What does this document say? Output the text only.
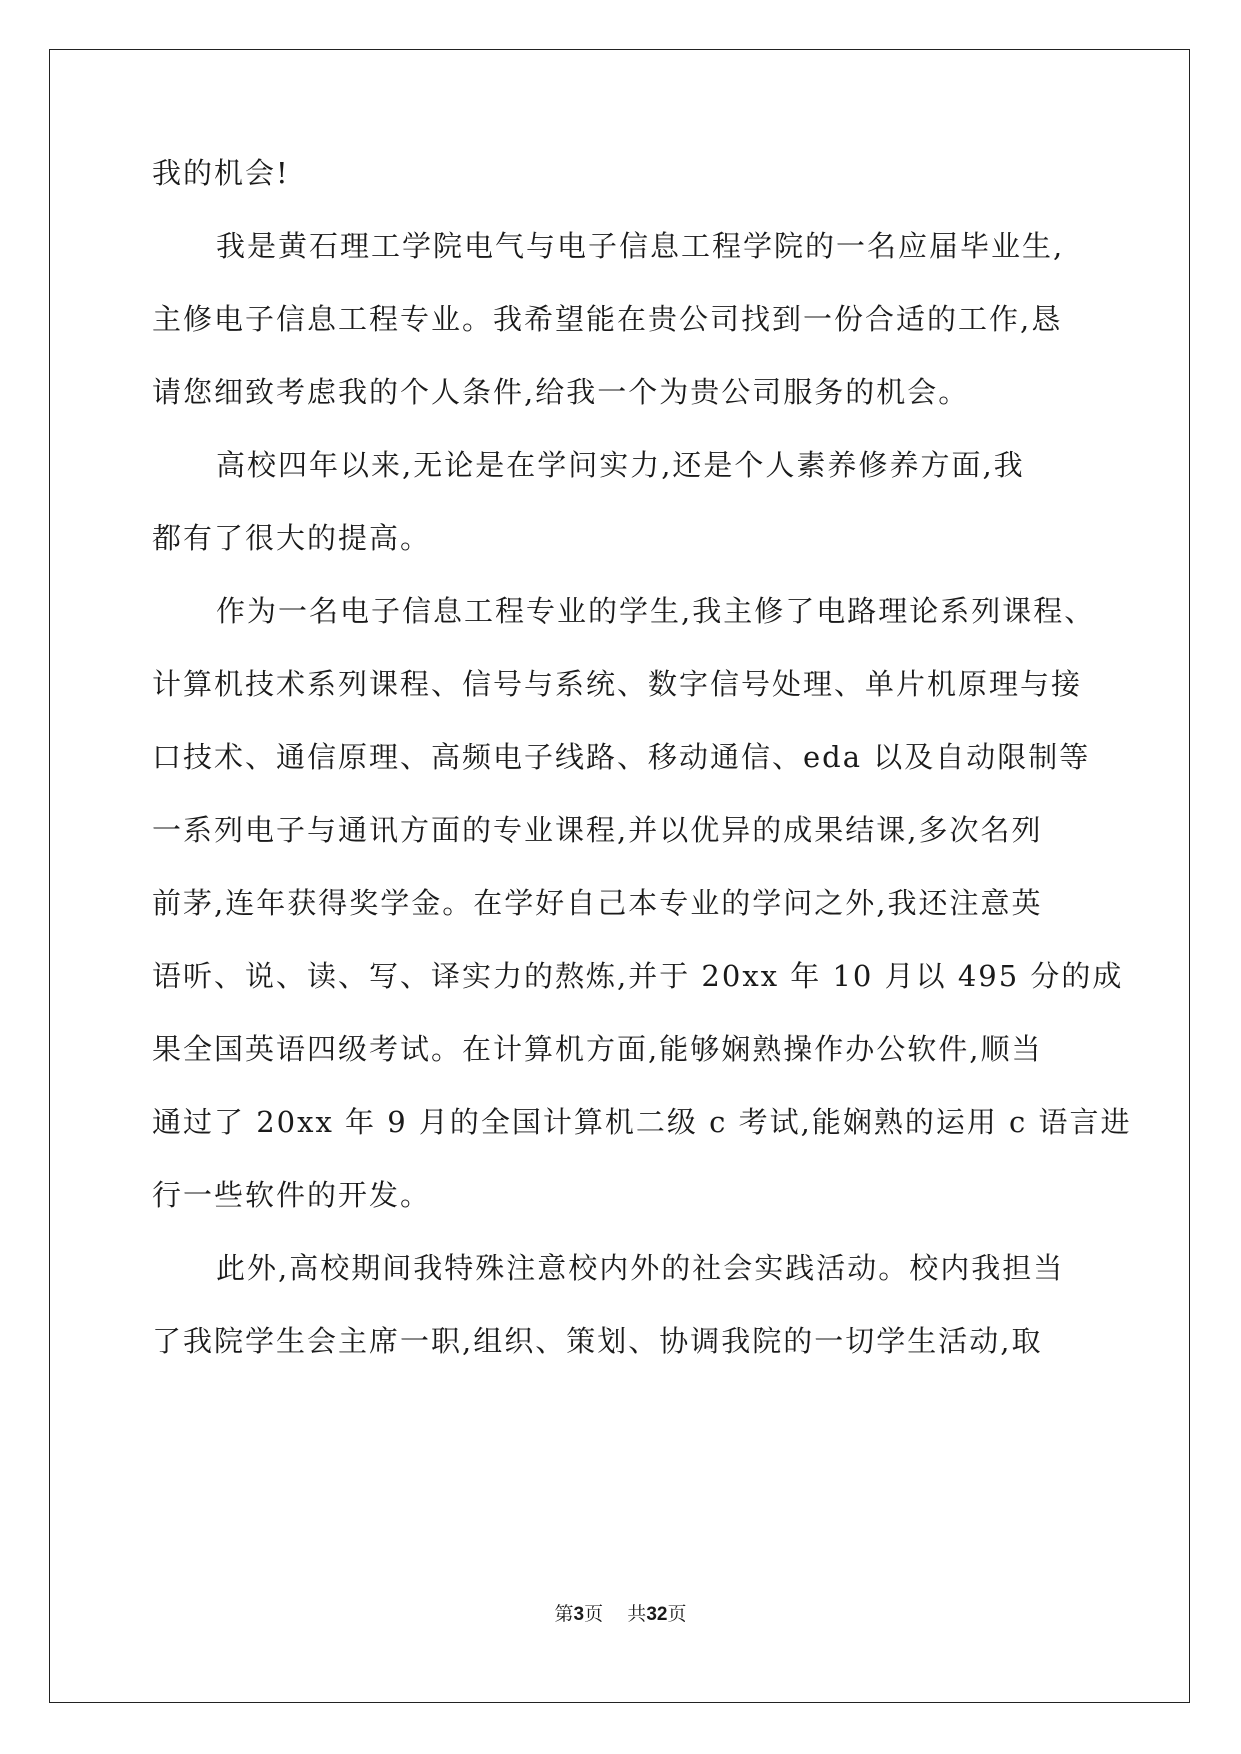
我的机会!
我是黄石理工学院电气与电子信息工程学院的一名应届毕业生,
主修电子信息工程专业。我希望能在贵公司找到一份合适的工作,恳
请您细致考虑我的个人条件,给我一个为贵公司服务的机会。
高校四年以来,无论是在学问实力,还是个人素养修养方面,我
都有了很大的提高。
作为一名电子信息工程专业的学生,我主修了电路理论系列课程、
计算机技术系列课程、信号与系统、数字信号处理、单片机原理与接
口技术、通信原理、高频电子线路、移动通信、eda 以及自动限制等
一系列电子与通讯方面的专业课程,并以优异的成果结课,多次名列
前茅,连年获得奖学金。在学好自己本专业的学问之外,我还注意英
语听、说、读、写、译实力的熬炼,并于 20xx 年 10 月以 495 分的成
果全国英语四级考试。在计算机方面,能够娴熟操作办公软件,顺当
通过了 20xx 年 9 月的全国计算机二级 c 考试,能娴熟的运用 c 语言进
行一些软件的开发。
此外,高校期间我特殊注意校内外的社会实践活动。校内我担当
了我院学生会主席一职,组织、策划、协调我院的一切学生活动,取
第3页 共32页
